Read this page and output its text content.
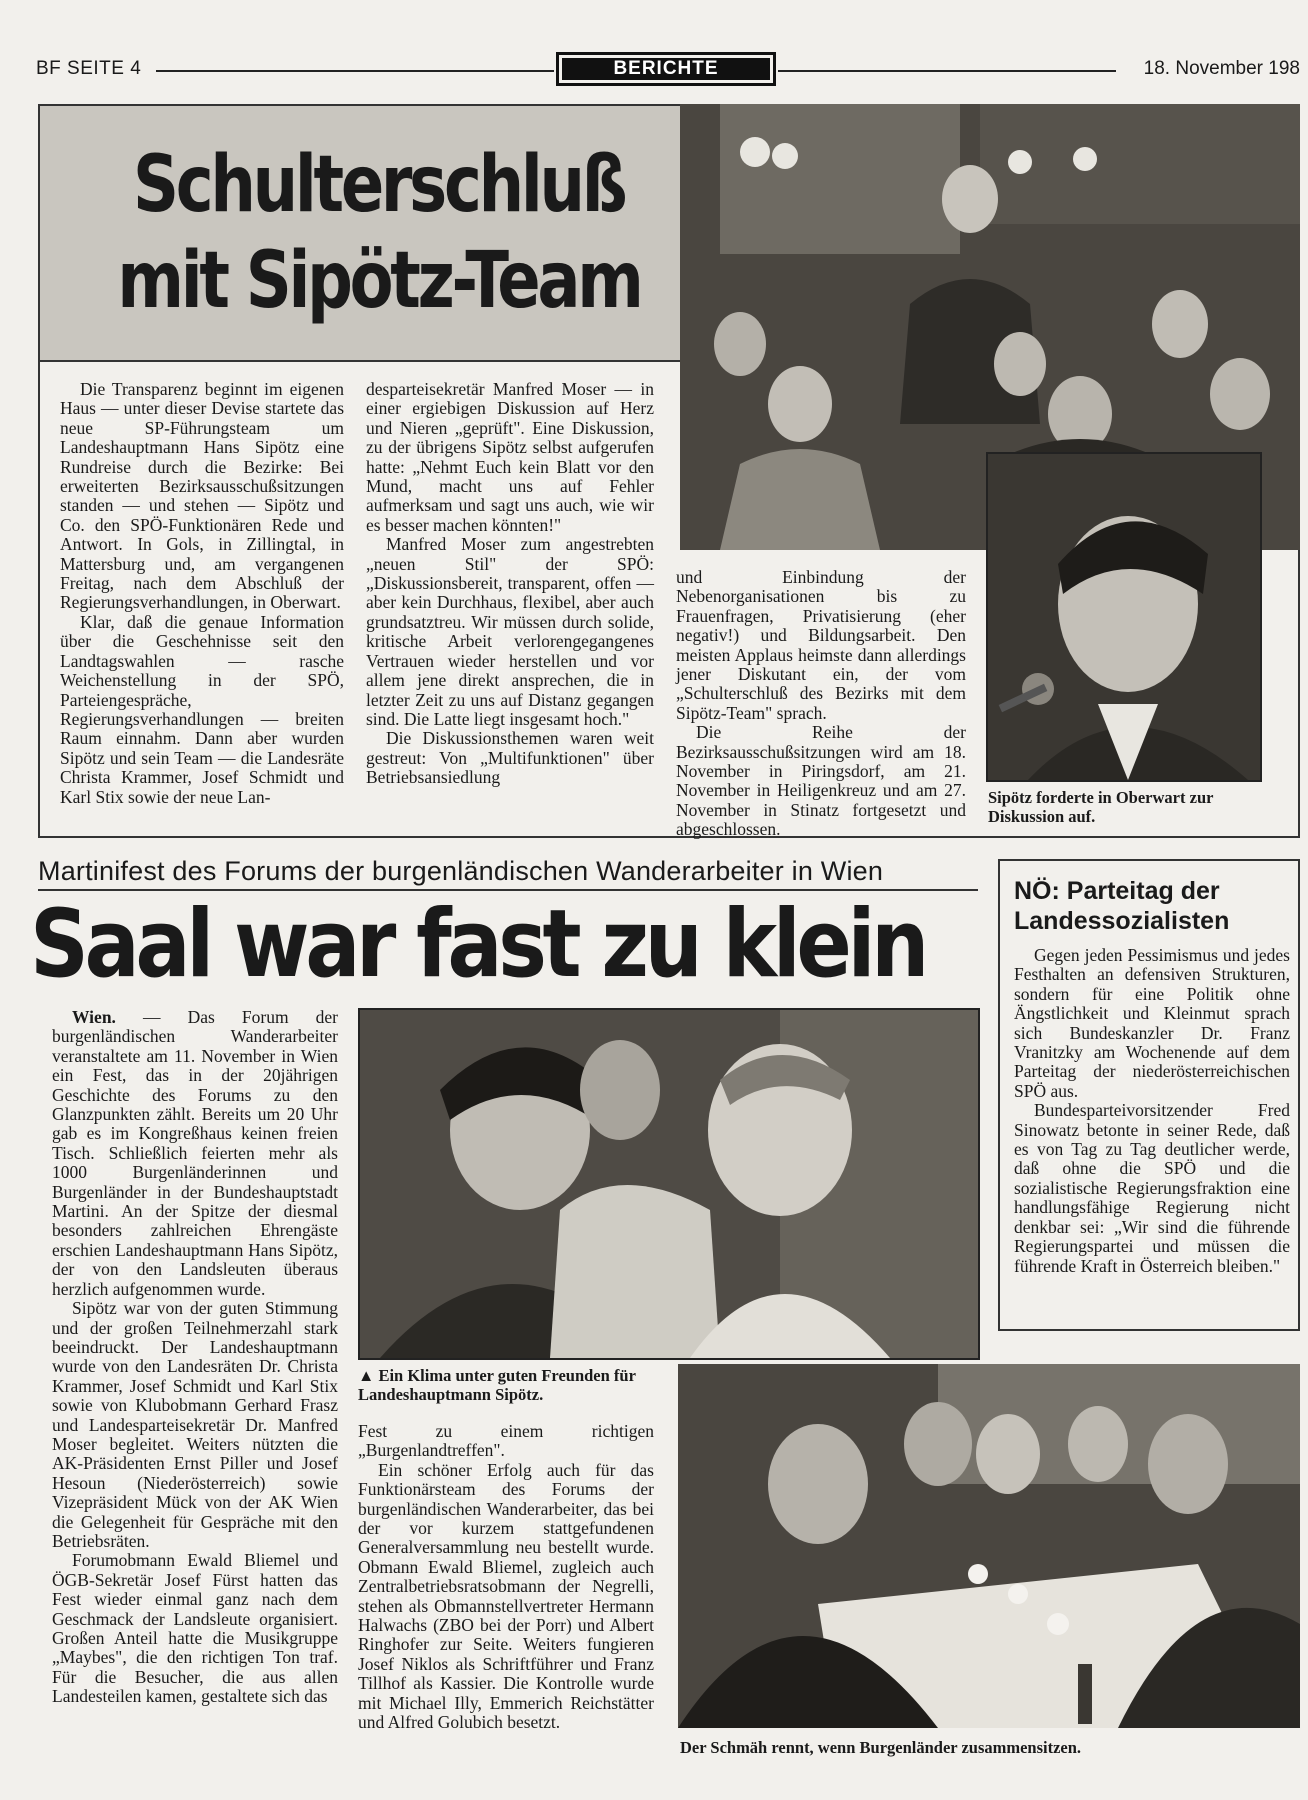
BF SEITE 4	BERICHTE	18. November 198
Schulterschluß
mit Sipötz-Team

Die Transparenz beginnt im eigenen Haus — unter dieser Devise startete das neue SP-Führungsteam um Landeshauptmann Hans Sipötz eine Rundreise durch die Bezirke: Bei erweiterten Bezirksausschußsitzungen standen — und stehen — Sipötz und Co. den SPÖ-Funktionären Rede und Antwort. In Gols, in Zillingtal, in Mattersburg und, am vergangenen Freitag, nach dem Abschluß der Regierungsverhandlungen, in Oberwart.

Klar, daß die genaue Information über die Geschehnisse seit den Landtagswahlen — rasche Weichenstellung in der SPÖ, Parteiengespräche, Regierungsverhandlungen — breiten Raum einnahm. Dann aber wurden Sipötz und sein Team — die Landesräte Christa Krammer, Josef Schmidt und Karl Stix sowie der neue Lan-

desparteisekretär Manfred Moser — in einer ergiebigen Diskussion auf Herz und Nieren „geprüft". Eine Diskussion, zu der übrigens Sipötz selbst aufgerufen hatte: „Nehmt Euch kein Blatt vor den Mund, macht uns auf Fehler aufmerksam und sagt uns auch, wie wir es besser machen könnten!"

Manfred Moser zum angestrebten „neuen Stil" der SPÖ: „Diskussionsbereit, transparent, offen — aber kein Durchhaus, flexibel, aber auch grundsatztreu. Wir müssen durch solide, kritische Arbeit verlorengegangenes Vertrauen wieder herstellen und vor allem jene direkt ansprechen, die in letzter Zeit zu uns auf Distanz gegangen sind. Die Latte liegt insgesamt hoch."

Die Diskussionsthemen waren weit gestreut: Von „Multifunktionen" über Betriebsansiedlung

und Einbindung der Nebenorganisationen bis zu Frauenfragen, Privatisierung (eher negativ!) und Bildungsarbeit. Den meisten Applaus heimste dann allerdings jener Diskutant ein, der vom „Schulterschluß des Bezirks mit dem Sipötz-Team" sprach.

Die Reihe der Bezirksausschußsitzungen wird am 18. November in Piringsdorf, am 21. November in Heiligenkreuz und am 27. November in Stinatz fortgesetzt und abgeschlossen.

Sipötz forderte in Oberwart zur Diskussion auf.
Martinifest des Forums der burgenländischen Wanderarbeiter in Wien
Saal war fast zu klein

Wien. — Das Forum der burgenländischen Wanderarbeiter veranstaltete am 11. November in Wien ein Fest, das in der 20jährigen Geschichte des Forums zu den Glanzpunkten zählt. Bereits um 20 Uhr gab es im Kongreßhaus keinen freien Tisch. Schließlich feierten mehr als 1000 Burgenländerinnen und Burgenländer in der Bundeshauptstadt Martini. An der Spitze der diesmal besonders zahlreichen Ehrengäste erschien Landeshauptmann Hans Sipötz, der von den Landsleuten überaus herzlich aufgenommen wurde.

Sipötz war von der guten Stimmung und der großen Teilnehmerzahl stark beeindruckt. Der Landeshauptmann wurde von den Landesräten Dr. Christa Krammer, Josef Schmidt und Karl Stix sowie von Klubobmann Gerhard Frasz und Landesparteisekretär Dr. Manfred Moser begleitet. Weiters nützten die AK-Präsidenten Ernst Piller und Josef Hesoun (Niederösterreich) sowie Vizepräsident Mück von der AK Wien die Gelegenheit für Gespräche mit den Betriebsräten.

Forumobmann Ewald Bliemel und ÖGB-Sekretär Josef Fürst hatten das Fest wieder einmal ganz nach dem Geschmack der Landsleute organisiert. Großen Anteil hatte die Musikgruppe „Maybes", die den richtigen Ton traf. Für die Besucher, die aus allen Landesteilen kamen, gestaltete sich das

▲ Ein Klima unter guten Freunden für Landeshauptmann Sipötz.

Fest zu einem richtigen „Burgenlandtreffen".

Ein schöner Erfolg auch für das Funktionärsteam des Forums der burgenländischen Wanderarbeiter, das bei der vor kurzem stattgefundenen Generalversammlung neu bestellt wurde. Obmann Ewald Bliemel, zugleich auch Zentralbetriebsratsobmann der Negrelli, stehen als Obmannstellvertreter Hermann Halwachs (ZBO bei der Porr) und Albert Ringhofer zur Seite. Weiters fungieren Josef Niklos als Schriftführer und Franz Tillhof als Kassier. Die Kontrolle wurde mit Michael Illy, Emmerich Reichstätter und Alfred Golubich besetzt.

Der Schmäh rennt, wenn Burgenländer zusammensitzen.
NÖ: Parteitag der Landessozialisten

Gegen jeden Pessimismus und jedes Festhalten an defensiven Strukturen, sondern für eine Politik ohne Ängstlichkeit und Kleinmut sprach sich Bundeskanzler Dr. Franz Vranitzky am Wochenende auf dem Parteitag der niederösterreichischen SPÖ aus.

Bundesparteivorsitzender Fred Sinowatz betonte in seiner Rede, daß es von Tag zu Tag deutlicher werde, daß ohne die SPÖ und die sozialistische Regierungsfraktion eine handlungsfähige Regierung nicht denkbar sei: „Wir sind die führende Regierungspartei und müssen die führende Kraft in Österreich bleiben."
